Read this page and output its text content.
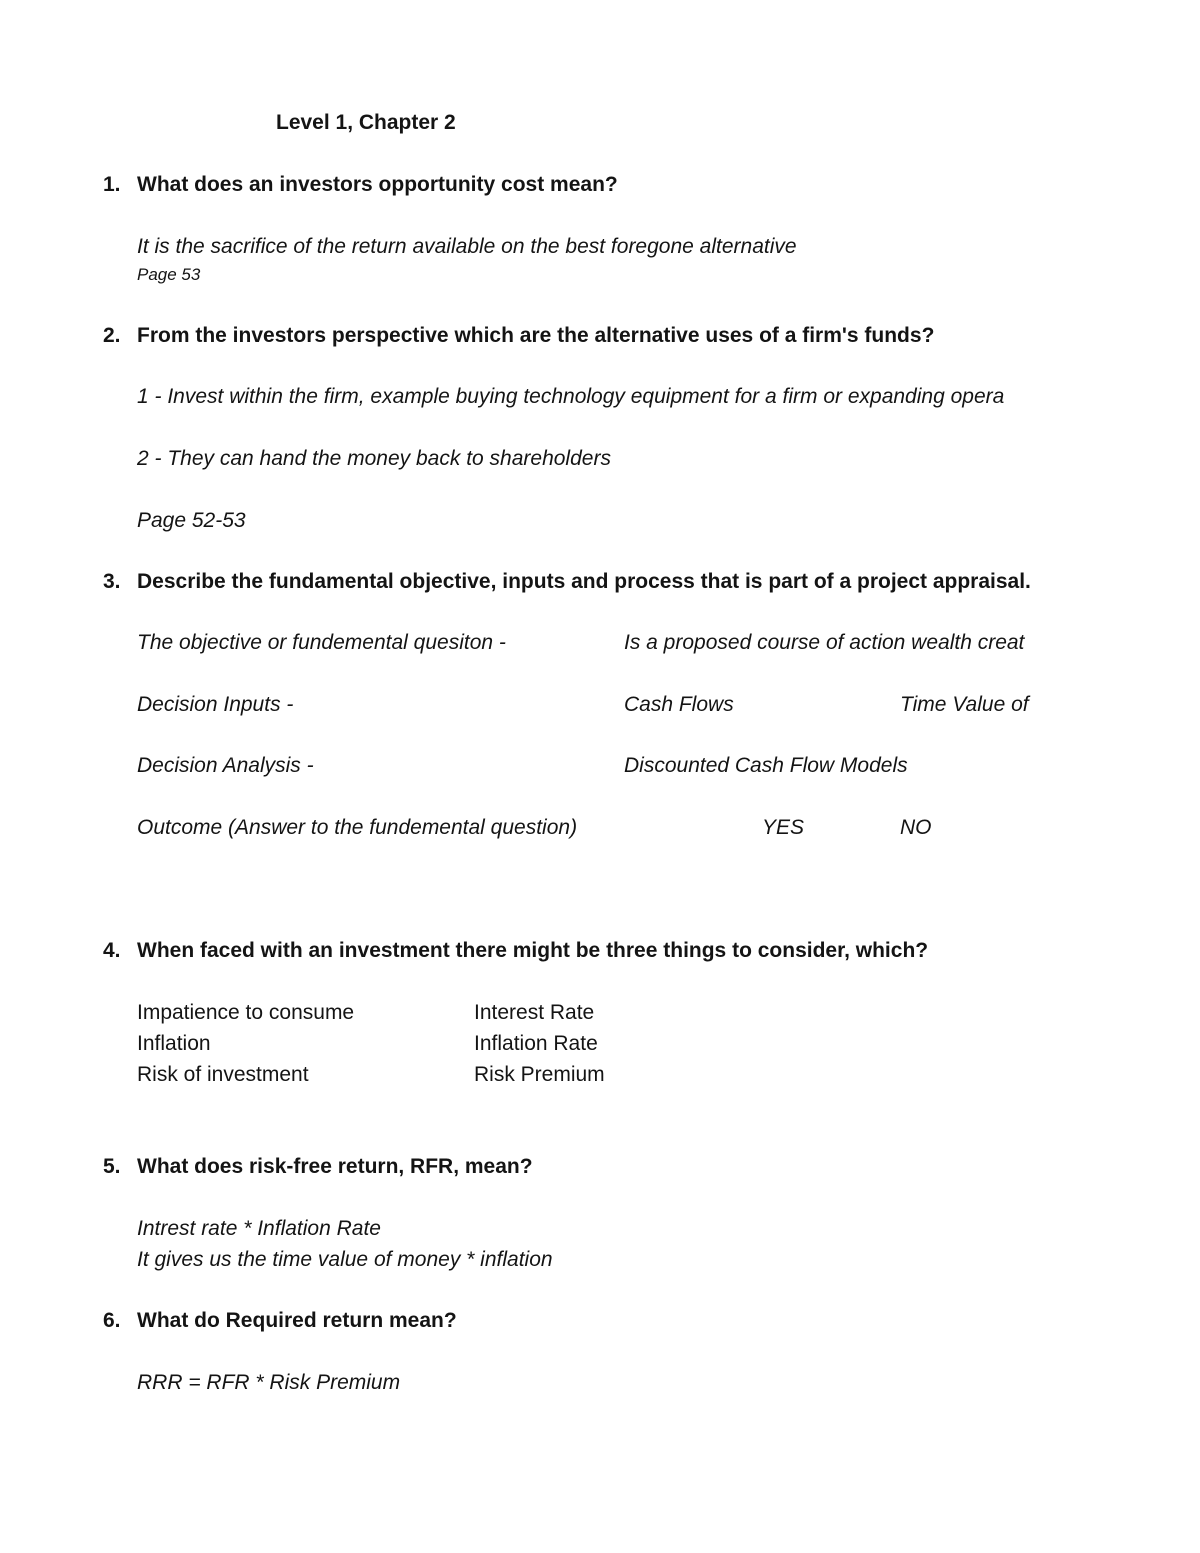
Level 1, Chapter 2
1. What does an investors opportunity cost mean?
It is the sacrifice of the return available on the best foregone alternative
Page 53
2. From the investors perspective which are the alternative uses of a firm's funds?
1 - Invest within the firm, example buying technology equipment for a firm or expanding opera
2 - They can hand the money back to shareholders
Page 52-53
3. Describe the fundamental objective, inputs and process that is part of a project appraisal.
The objective or fundemental quesiton -	Is a proposed course of action wealth creat
Decision Inputs -	Cash Flows	Time Value of
Decision Analysis -	Discounted Cash Flow Models
Outcome (Answer to the fundemental question)	YES	NO
4. When faced with an investment there might be three things to consider, which?
Impatience to consume	Interest Rate
Inflation	Inflation Rate
Risk of investment	Risk Premium
5. What does risk-free return, RFR, mean?
Intrest rate * Inflation Rate
It gives us the time value of money * inflation
6. What do Required return mean?
RRR = RFR * Risk Premium
